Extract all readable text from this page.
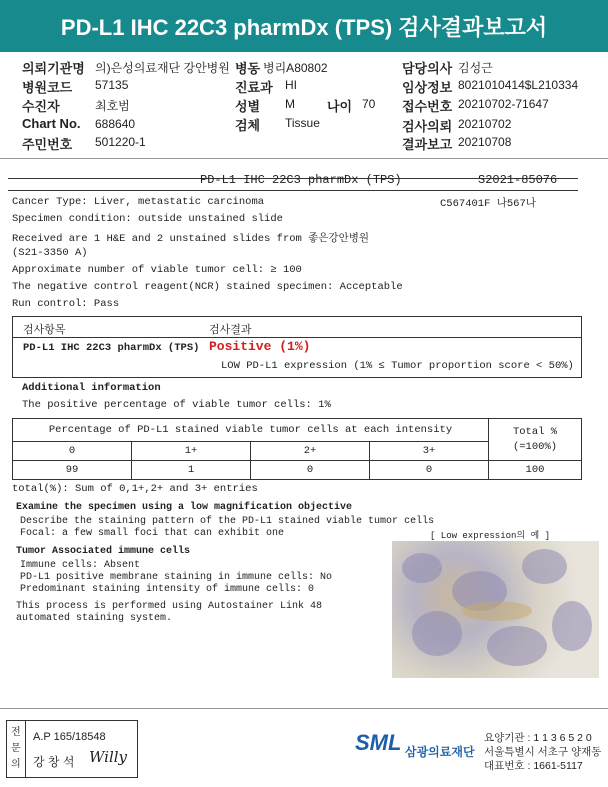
PD-L1 IHC 22C3 pharmDx (TPS) 검사결과보고서
의뢰기관명 의)은성의료재단 강안병원 병동 병리A80802	담당의사 김성근
병원코드 57135	진료과 HI	임상정보 8021010414$L210334
수진자	최호범	성별 M 나이 70 접수번호 20210702-71647
Chart No. 688640	검체 Tissue	검사의뢰 20210702
주민번호 501220-1	결과보고 20210708
PD-L1 IHC 22C3 pharmDx (TPS)	S2021-85076
C567401F 나567나
Cancer Type: Liver, metastatic carcinoma
Specimen condition: outside unstained slide
Received are 1 H&E and 2 unstained slides from 좋은강안병원
(S21-3350 A)
Approximate number of viable tumor cell: ≥ 100
The negative control reagent(NCR) stained specimen: Acceptable
Run control: Pass
검사항목	검사결과
PD-L1 IHC 22C3 pharmDx (TPS) Positive (1%)
LOW PD-L1 expression (1% ≤ Tumor proportion score < 50%)
Additional information
The positive percentage of viable tumor cells: 1%
Percentage of PD-L1 stained viable tumor cells at each intensity				Total %
(=100%)
0	1+	2+	3+	
99	1	0	0	100
total(%): Sum of 0,1+,2+ and 3+ entries
Examine the specimen using a low magnification objective
Describe the staining pattern of the PD-L1 stained viable tumor cells
Focal: a few small foci that can exhibit one	[ Low expression의 예 ]
Tumor Associated immune cells
Immune cells: Absent
PD-L1 positive membrane staining in immune cells: No
Predominant staining intensity of immune cells: 0
This process is performed using Autostainer Link 48
automated staining system.
전문의
A.P 165/18548
강 창 석 Willy
SML 삼광의료재단
요양기관 : 1 1 3 6 5 2 0
서울특별시 서초구 양재동
대표번호 : 1661-5117
